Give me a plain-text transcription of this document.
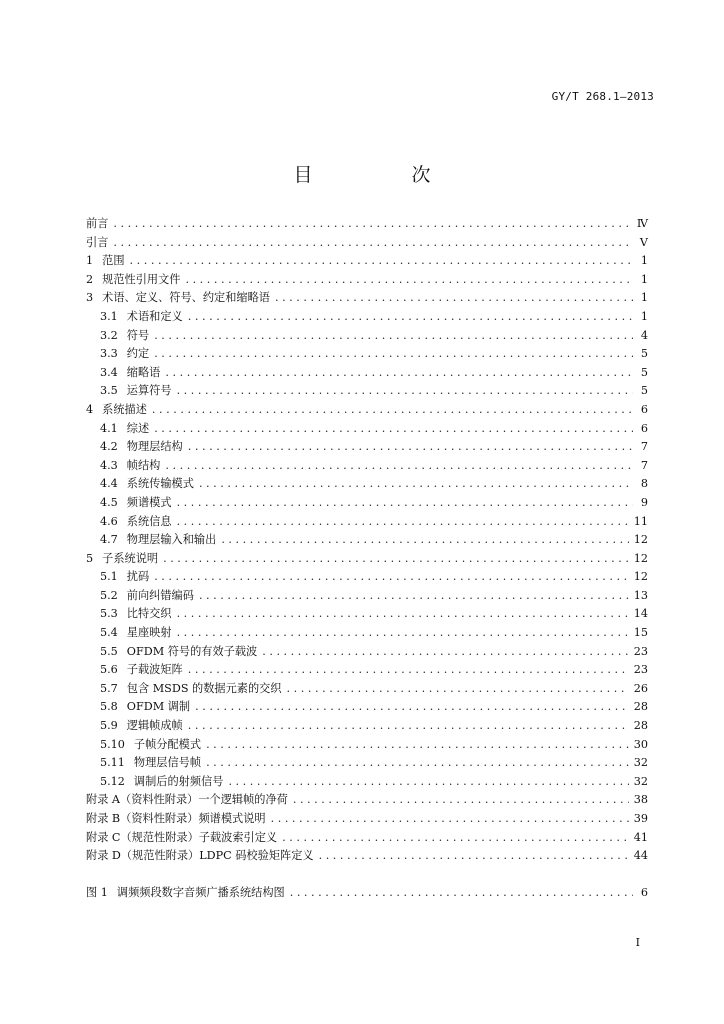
GY/T 268.1—2013
目　次
前言 . . .	Ⅳ
引言 . . .	Ⅴ
1 范围 . . .	1
2 规范性引用文件 . . .	1
3 术语、定义、符号、约定和缩略语 . . .	1
3.1 术语和定义 . . .	1
3.2 符号 . . .	4
3.3 约定 . . .	5
3.4 缩略语 . . .	5
3.5 运算符号 . . .	5
4 系统描述 . . .	6
4.1 综述 . . .	6
4.2 物理层结构 . . .	7
4.3 帧结构 . . .	7
4.4 系统传输模式 . . .	8
4.5 频谱模式 . . .	9
4.6 系统信息 . . .	11
4.7 物理层输入和输出 . . .	12
5 子系统说明 . . .	12
5.1 扰码 . . .	12
5.2 前向纠错编码 . . .	13
5.3 比特交织 . . .	14
5.4 星座映射 . . .	15
5.5 OFDM 符号的有效子载波 . . .	23
5.6 子载波矩阵 . . .	23
5.7 包含 MSDS 的数据元素的交织 . . .	26
5.8 OFDM 调制 . . .	28
5.9 逻辑帧成帧 . . .	28
5.10 子帧分配模式 . . .	30
5.11 物理层信号帧 . . .	32
5.12 调制后的射频信号 . . .	32
附录 A（资料性附录）一个逻辑帧的净荷 . . .	38
附录 B（资料性附录）频谱模式说明 . . .	39
附录 C（规范性附录）子载波索引定义 . . .	41
附录 D（规范性附录）LDPC 码校验矩阵定义 . . .	44
图 1 调频频段数字音频广播系统结构图 . . .	6
Ⅰ
